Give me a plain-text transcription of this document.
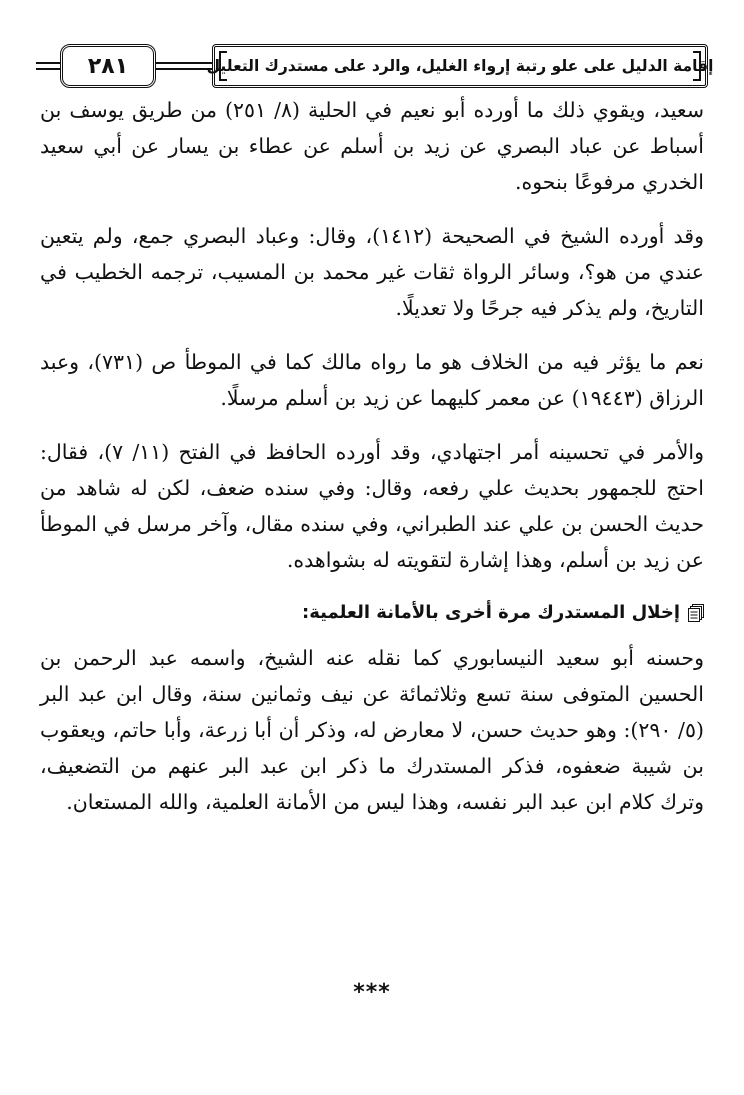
٢٨١	إقامة الدليل على علو رتبة إرواء الغليل، والرد على مستدرك التعليل

سعيد، ويقوي ذلك ما أورده أبو نعيم في الحلية (٨/ ٢٥١) من طريق يوسف بن أسباط عن عباد البصري عن زيد بن أسلم عن عطاء بن يسار عن أبي سعيد الخدري مرفوعًا بنحوه.

وقد أورده الشيخ في الصحيحة (١٤١٢)، وقال: وعباد البصري جمع، ولم يتعين عندي من هو؟، وسائر الرواة ثقات غير محمد بن المسيب، ترجمه الخطيب في التاريخ، ولم يذكر فيه جرحًا ولا تعديلًا.

نعم ما يؤثر فيه من الخلاف هو ما رواه مالك كما في الموطأ ص (٧٣١)، وعبد الرزاق (١٩٤٤٣) عن معمر كليهما عن زيد بن أسلم مرسلًا.

والأمر في تحسينه أمر اجتهادي، وقد أورده الحافظ في الفتح (١١/ ٧)، فقال: احتج للجمهور بحديث علي رفعه، وقال: وفي سنده ضعف، لكن له شاهد من حديث الحسن بن علي عند الطبراني، وفي سنده مقال، وآخر مرسل في الموطأ عن زيد بن أسلم، وهذا إشارة لتقويته له بشواهده.

إخلال المستدرك مرة أخرى بالأمانة العلمية:

وحسنه أبو سعيد النيسابوري كما نقله عنه الشيخ، واسمه عبد الرحمن بن الحسين المتوفى سنة تسع وثلاثمائة عن نيف وثمانين سنة، وقال ابن عبد البر (٥/ ٢٩٠): وهو حديث حسن، لا معارض له، وذكر أن أبا زرعة، وأبا حاتم، ويعقوب بن شيبة ضعفوه، فذكر المستدرك ما ذكر ابن عبد البر عنهم من التضعيف، وترك كلام ابن عبد البر نفسه، وهذا ليس من الأمانة العلمية، والله المستعان.

***
